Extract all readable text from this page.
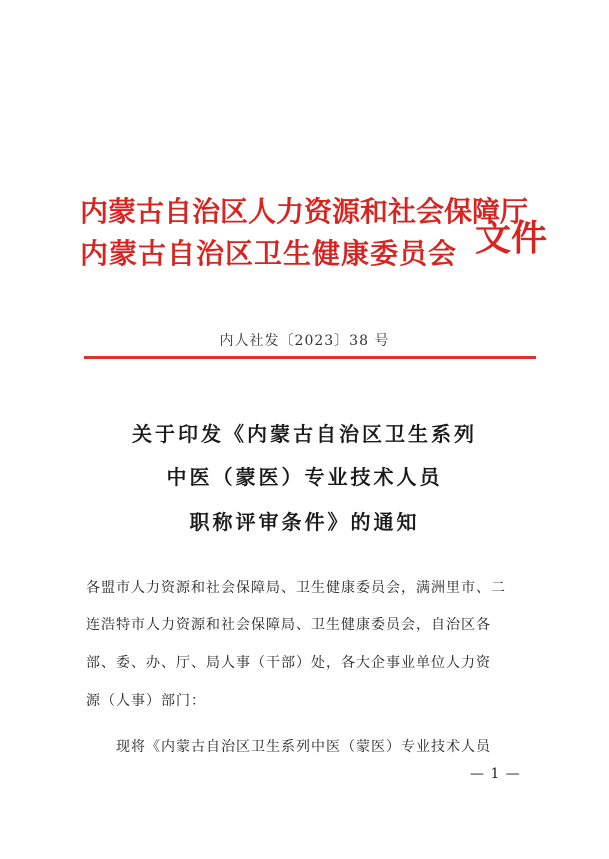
内蒙古自治区人力资源和社会保障厅
内蒙古自治区卫生健康委员会 文件
内人社发〔2023〕38 号
关于印发《内蒙古自治区卫生系列
中医（蒙医）专业技术人员
职称评审条件》的通知
各盟市人力资源和社会保障局、卫生健康委员会，满洲里市、二
连浩特市人力资源和社会保障局、卫生健康委员会，自治区各
部、委、办、厅、局人事（干部）处，各大企事业单位人力资
源（人事）部门：
现将《内蒙古自治区卫生系列中医（蒙医）专业技术人员
— 1 —
